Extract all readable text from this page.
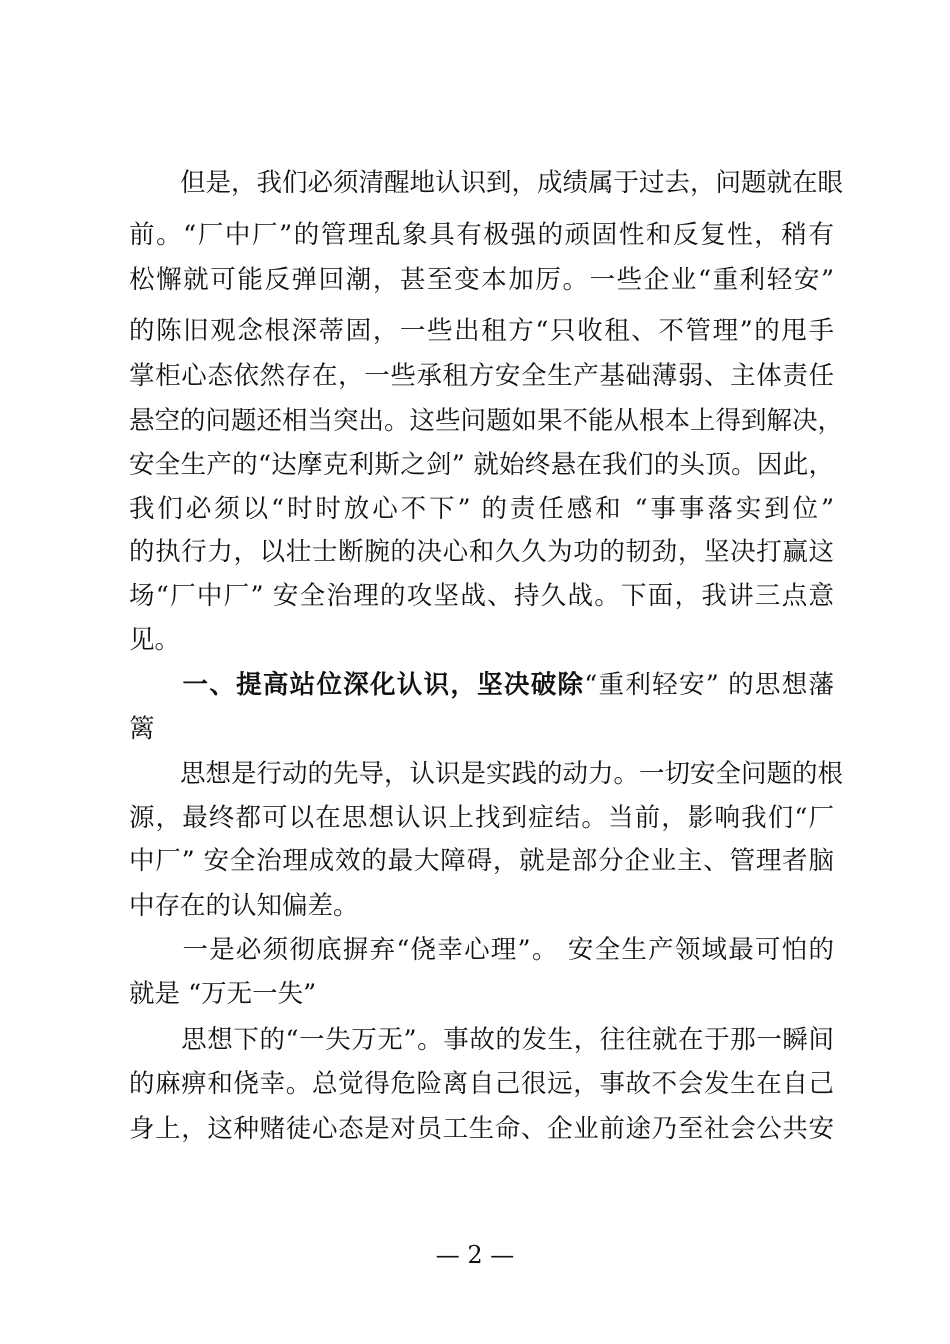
　　但是，我们必须清醒地认识到，成绩属于过去，问题就在眼
前。“厂中厂”的管理乱象具有极强的顽固性和反复性，稍有
松懈就可能反弹回潮，甚至变本加厉。一些企业“重利轻安”
的陈旧观念根深蒂固，一些出租方“只收租、不管理”的甩手
掌柜心态依然存在，一些承租方安全生产基础薄弱、主体责任
悬空的问题还相当突出。这些问题如果不能从根本上得到解决，
安全生产的“达摩克利斯之剑” 就始终悬在我们的头顶。因此，
我们必须以“时时放心不下” 的责任感和 “事事落实到位”
的执行力，以壮士断腕的决心和久久为功的韧劲，坚决打赢这
场“厂中厂” 安全治理的攻坚战、持久战。下面，我讲三点意
见。
　　一、提高站位深化认识，坚决破除“重利轻安” 的思想藩
篱
　　思想是行动的先导，认识是实践的动力。一切安全问题的根
源，最终都可以在思想认识上找到症结。当前，影响我们“厂
中厂” 安全治理成效的最大障碍，就是部分企业主、管理者脑
中存在的认知偏差。
　　一是必须彻底摒弃“侥幸心理”。 安全生产领域最可怕的
就是 “万无一失”
　　思想下的“一失万无”。事故的发生，往往就在于那一瞬间
的麻痹和侥幸。总觉得危险离自己很远，事故不会发生在自己
身上，这种赌徒心态是对员工生命、企业前途乃至社会公共安
— 2 —
